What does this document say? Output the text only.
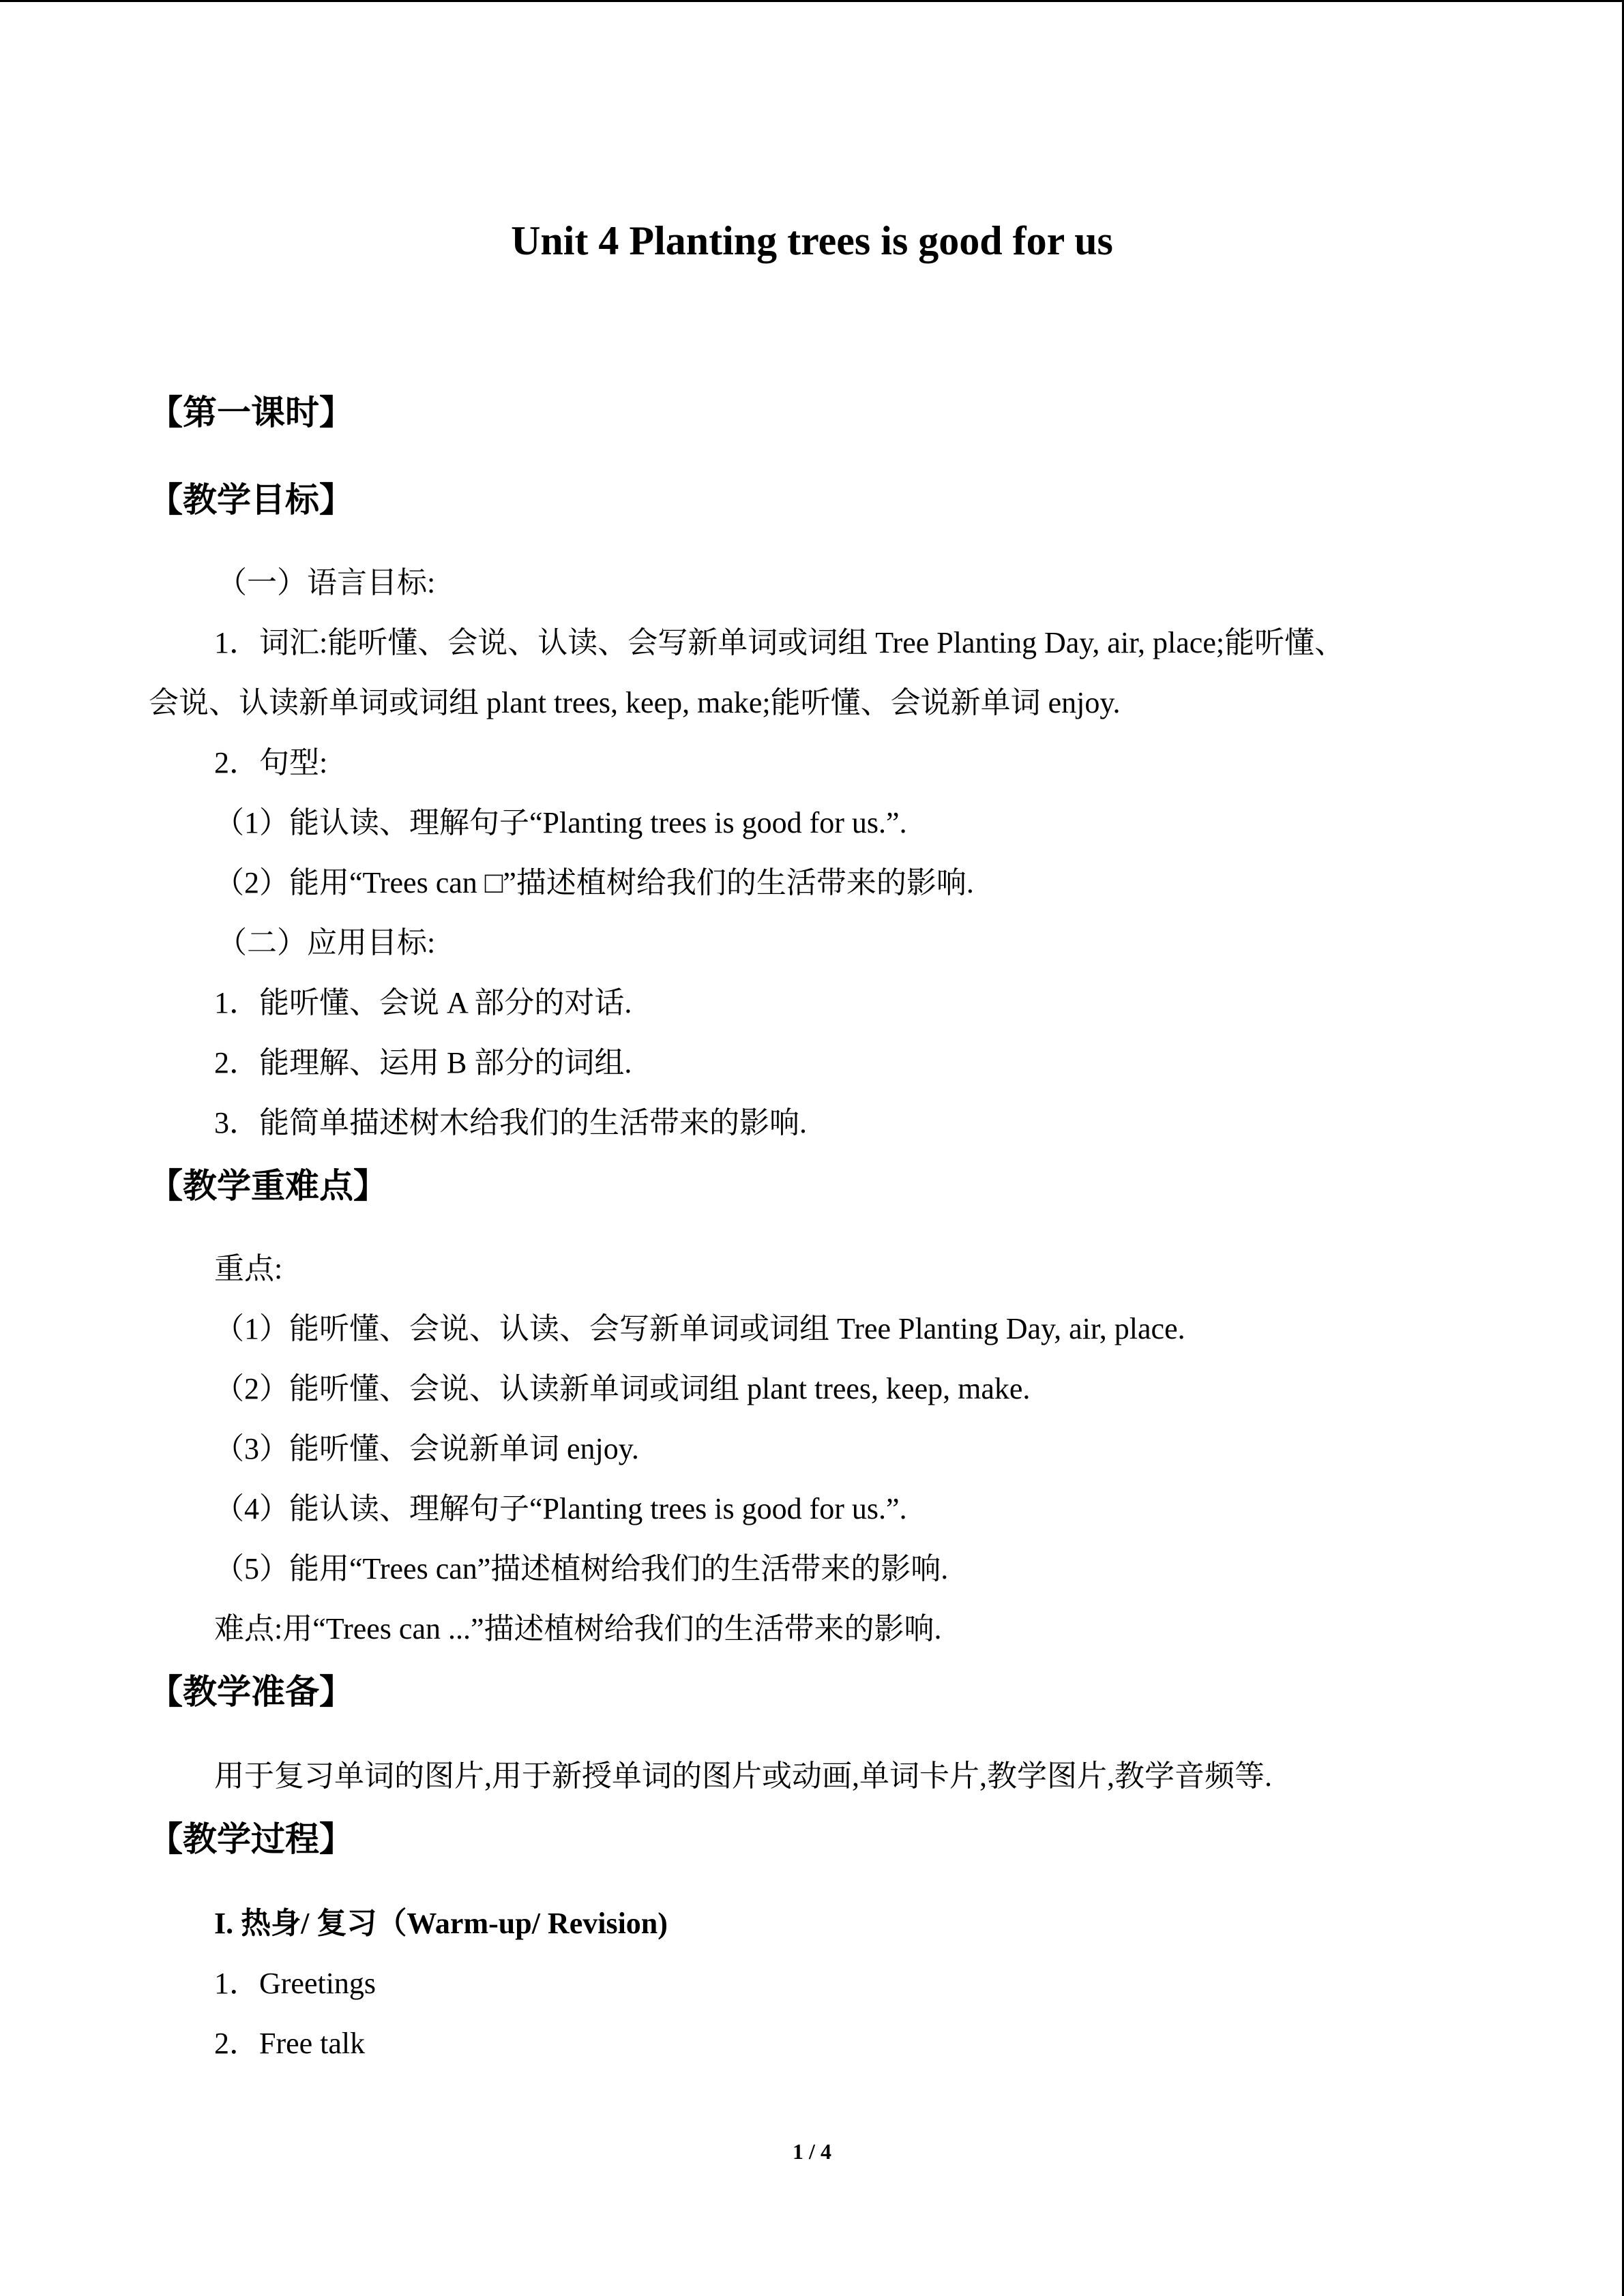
Unit 4 Planting trees is good for us
【第一课时】
【教学目标】
（一）语言目标:
1．词汇:能听懂、会说、认读、会写新单词或词组 Tree Planting Day, air, place;能听懂、
会说、认读新单词或词组 plant trees, keep, make;能听懂、会说新单词 enjoy.
2．句型:
（1）能认读、理解句子“Planting trees is good for us.”.
（2）能用“Trees can □”描述植树给我们的生活带来的影响.
（二）应用目标:
1．能听懂、会说 A 部分的对话.
2．能理解、运用 B 部分的词组.
3．能简单描述树木给我们的生活带来的影响.
【教学重难点】
重点:
（1）能听懂、会说、认读、会写新单词或词组 Tree Planting Day, air, place.
（2）能听懂、会说、认读新单词或词组 plant trees, keep, make.
（3）能听懂、会说新单词 enjoy.
（4）能认读、理解句子“Planting trees is good for us.”.
（5）能用“Trees can”描述植树给我们的生活带来的影响.
难点:用“Trees can ...”描述植树给我们的生活带来的影响.
【教学准备】
用于复习单词的图片,用于新授单词的图片或动画,单词卡片,教学图片,教学音频等.
【教学过程】
I. 热身/ 复习（Warm-up/ Revision)
1．Greetings
2．Free talk
1 / 4
